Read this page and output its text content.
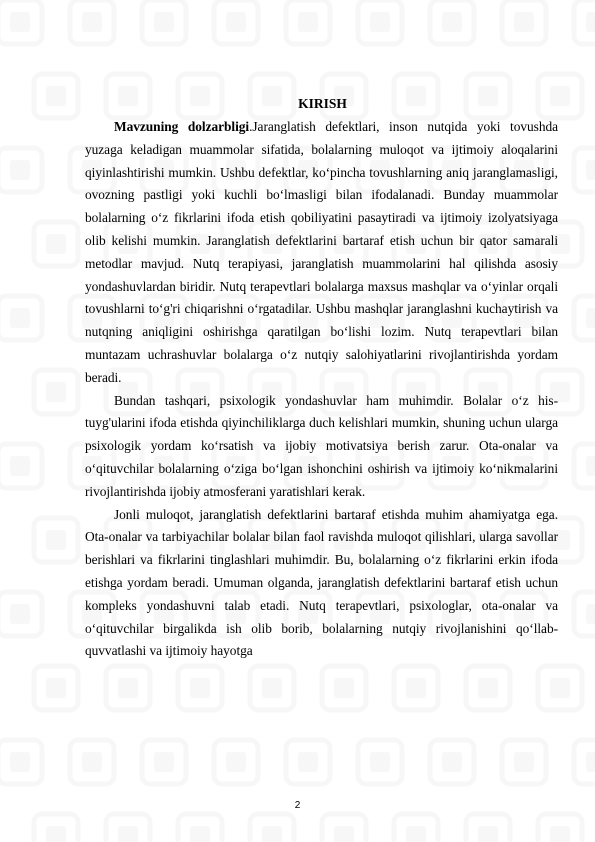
KIRISH

Mavzuning dolzarbligi.Jaranglatish defektlari, inson nutqida yoki tovushda yuzaga keladigan muammolar sifatida, bolalarning muloqot va ijtimoiy aloqalarini qiyinlashtirishi mumkin. Ushbu defektlar, ko‘pincha tovushlarning aniq jaranglamasligi, ovozning pastligi yoki kuchli bo‘lmasligi bilan ifodalanadi. Bunday muammolar bolalarning o‘z fikrlarini ifoda etish qobiliyatini pasaytiradi va ijtimoiy izolyatsiyaga olib kelishi mumkin. Jaranglatish defektlarini bartaraf etish uchun bir qator samarali metodlar mavjud. Nutq terapiyasi, jaranglatish muammolarini hal qilishda asosiy yondashuvlardan biridir. Nutq terapevtlari bolalarga maxsus mashqlar va o‘yinlar orqali tovushlarni to‘g'ri chiqarishni o‘rgatadilar. Ushbu mashqlar jaranglashni kuchaytirish va nutqning aniqligini oshirishga qaratilgan bo‘lishi lozim. Nutq terapevtlari bilan muntazam uchrashuvlar bolalarga o‘z nutqiy salohiyatlarini rivojlantirishda yordam beradi.

Bundan tashqari, psixologik yondashuvlar ham muhimdir. Bolalar o‘z his-tuyg'ularini ifoda etishda qiyinchiliklarga duch kelishlari mumkin, shuning uchun ularga psixologik yordam ko‘rsatish va ijobiy motivatsiya berish zarur. Ota-onalar va o‘qituvchilar bolalarning o‘ziga bo‘lgan ishonchini oshirish va ijtimoiy ko‘nikmalarini rivojlantirishda ijobiy atmosferani yaratishlari kerak.

Jonli muloqot, jaranglatish defektlarini bartaraf etishda muhim ahamiyatga ega. Ota-onalar va tarbiyachilar bolalar bilan faol ravishda muloqot qilishlari, ularga savollar berishlari va fikrlarini tinglashlari muhimdir. Bu, bolalarning o‘z fikrlarini erkin ifoda etishga yordam beradi. Umuman olganda, jaranglatish defektlarini bartaraf etish uchun kompleks yondashuvni talab etadi. Nutq terapevtlari, psixologlar, ota-onalar va o‘qituvchilar birgalikda ish olib borib, bolalarning nutqiy rivojlanishini qo‘llab-quvvatlashi va ijtimoiy hayotga

2
